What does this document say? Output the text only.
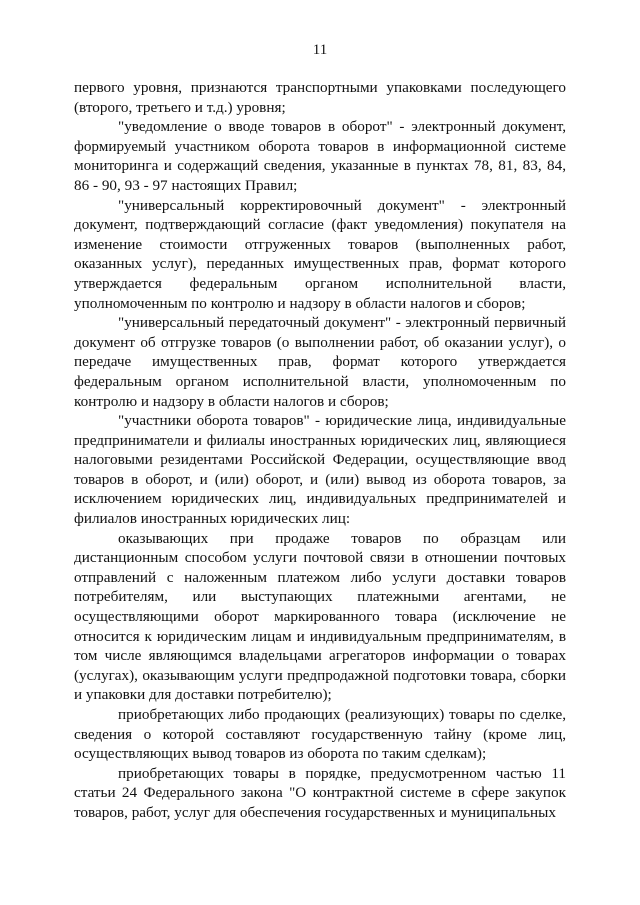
11

первого уровня, признаются транспортными упаковками последующего (второго, третьего и т.д.) уровня;

"уведомление о вводе товаров в оборот" - электронный документ, формируемый участником оборота товаров в информационной системе мониторинга и содержащий сведения, указанные в пунктах 78, 81, 83, 84, 86 - 90, 93 - 97 настоящих Правил;

"универсальный корректировочный документ" - электронный документ, подтверждающий согласие (факт уведомления) покупателя на изменение стоимости отгруженных товаров (выполненных работ, оказанных услуг), переданных имущественных прав, формат которого утверждается федеральным органом исполнительной власти, уполномоченным по контролю и надзору в области налогов и сборов;

"универсальный передаточный документ" - электронный первичный документ об отгрузке товаров (о выполнении работ, об оказании услуг), о передаче имущественных прав, формат которого утверждается федеральным органом исполнительной власти, уполномоченным по контролю и надзору в области налогов и сборов;

"участники оборота товаров" - юридические лица, индивидуальные предприниматели и филиалы иностранных юридических лиц, являющиеся налоговыми резидентами Российской Федерации, осуществляющие ввод товаров в оборот, и (или) оборот, и (или) вывод из оборота товаров, за исключением юридических лиц, индивидуальных предпринимателей и филиалов иностранных юридических лиц:

оказывающих при продаже товаров по образцам или дистанционным способом услуги почтовой связи в отношении почтовых отправлений с наложенным платежом либо услуги доставки товаров потребителям, или выступающих платежными агентами, не осуществляющими оборот маркированного товара (исключение не относится к юридическим лицам и индивидуальным предпринимателям, в том числе являющимся владельцами агрегаторов информации о товарах (услугах), оказывающим услуги предпродажной подготовки товара, сборки и упаковки для доставки потребителю);

приобретающих либо продающих (реализующих) товары по сделке, сведения о которой составляют государственную тайну (кроме лиц, осуществляющих вывод товаров из оборота по таким сделкам);

приобретающих товары в порядке, предусмотренном частью 11 статьи 24 Федерального закона "О контрактной системе в сфере закупок товаров, работ, услуг для обеспечения государственных и муниципальных
